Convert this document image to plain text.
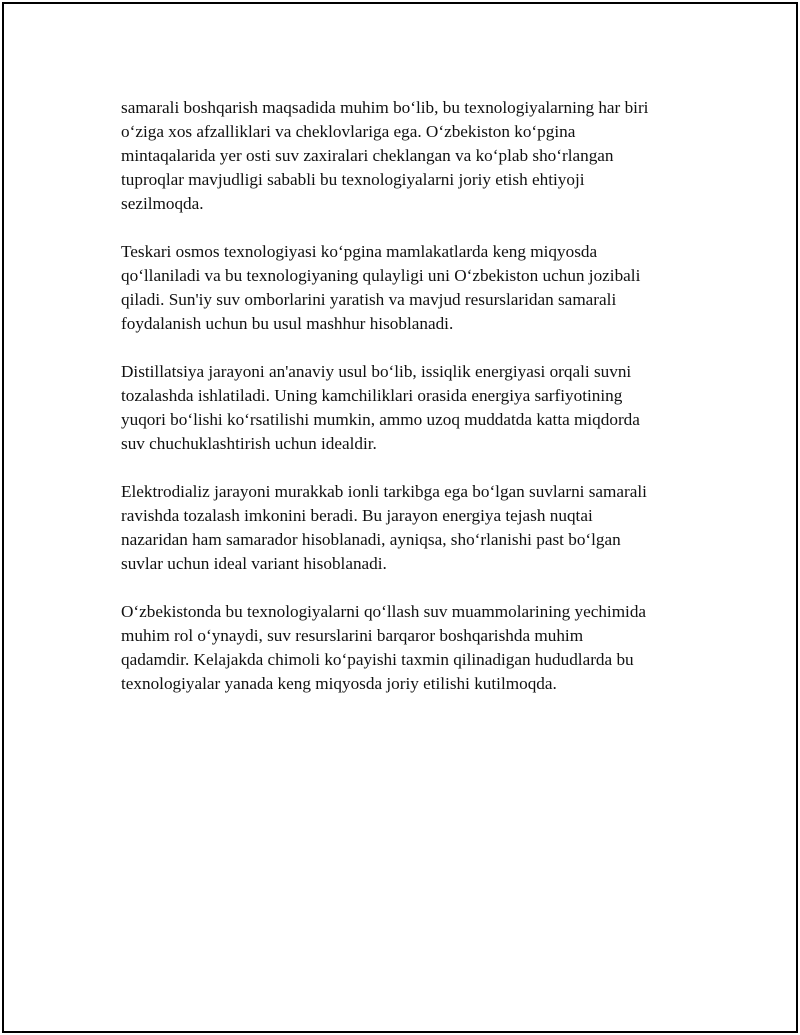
samarali boshqarish maqsadida muhim bo‘lib, bu texnologiyalarning har biri
o‘ziga xos afzalliklari va cheklovlariga ega. O‘zbekiston ko‘pgina
mintaqalarida yer osti suv zaxiralari cheklangan va ko‘plab sho‘rlangan
tuproqlar mavjudligi sababli bu texnologiyalarni joriy etish ehtiyoji
sezilmoqda.

Teskari osmos texnologiyasi ko‘pgina mamlakatlarda keng miqyosda
qo‘llaniladi va bu texnologiyaning qulayligi uni O‘zbekiston uchun jozibali
qiladi. Sun'iy suv omborlarini yaratish va mavjud resurslaridan samarali
foydalanish uchun bu usul mashhur hisoblanadi.

Distillatsiya jarayoni an'anaviy usul bo‘lib, issiqlik energiyasi orqali suvni
tozalashda ishlatiladi. Uning kamchiliklari orasida energiya sarfiyotining
yuqori bo‘lishi ko‘rsatilishi mumkin, ammo uzoq muddatda katta miqdorda
suv chuchuklashtirish uchun idealdir.

Elektrodializ jarayoni murakkab ionli tarkibga ega bo‘lgan suvlarni samarali
ravishda tozalash imkonini beradi. Bu jarayon energiya tejash nuqtai
nazaridan ham samarador hisoblanadi, ayniqsa, sho‘rlanishi past bo‘lgan
suvlar uchun ideal variant hisoblanadi.

O‘zbekistonda bu texnologiyalarni qo‘llash suv muammolarining yechimida
muhim rol o‘ynaydi, suv resurslarini barqaror boshqarishda muhim
qadamdir. Kelajakda chimoli ko‘payishi taxmin qilinadigan hududlarda bu
texnologiyalar yanada keng miqyosda joriy etilishi kutilmoqda.
